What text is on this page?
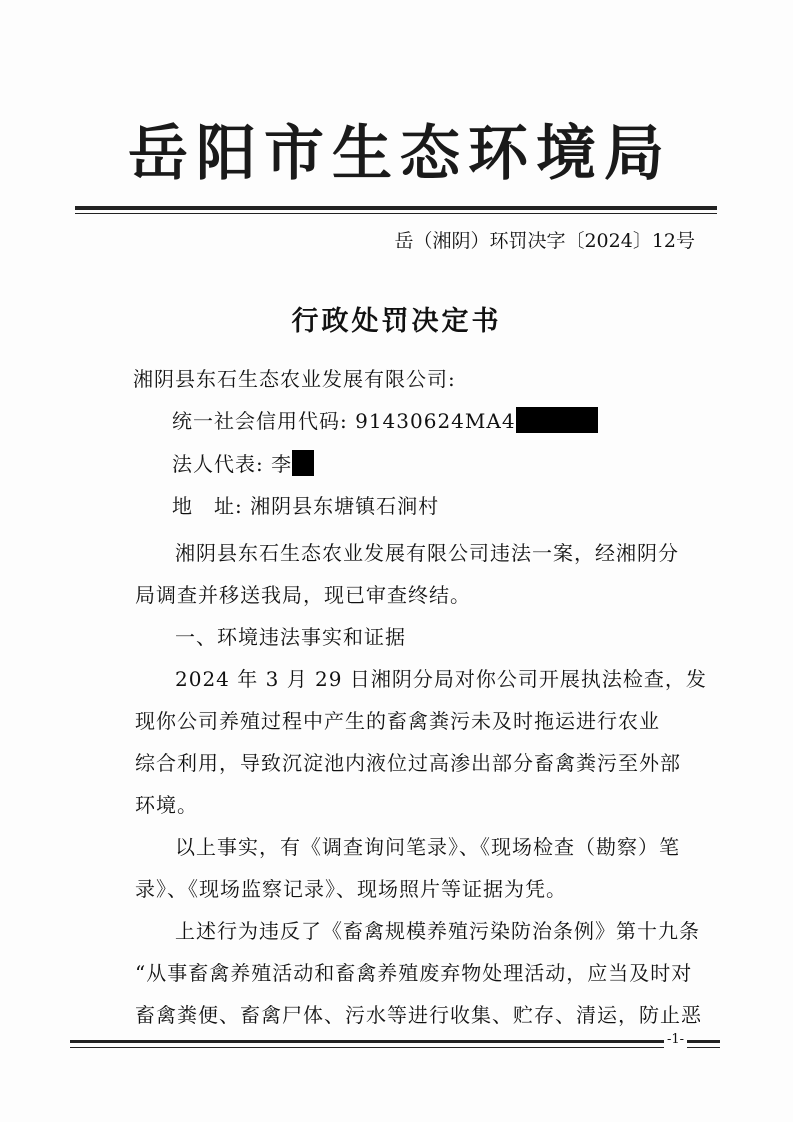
岳阳市生态环境局
岳（湘阴）环罚决字〔2024〕12号
行政处罚决定书
湘阴县东石生态农业发展有限公司:
统一社会信用代码: 91430624MA4
法人代表: 李
地　址: 湘阴县东塘镇石涧村
湘阴县东石生态农业发展有限公司违法一案，经湘阴分
局调查并移送我局，现已审查终结。
一、环境违法事实和证据
2024 年 3 月 29 日湘阴分局对你公司开展执法检查，发
现你公司养殖过程中产生的畜禽粪污未及时拖运进行农业
综合利用，导致沉淀池内液位过高渗出部分畜禽粪污至外部
环境。
以上事实，有《调查询问笔录》、《现场检查（勘察）笔
录》、《现场监察记录》、现场照片等证据为凭。
上述行为违反了《畜禽规模养殖污染防治条例》第十九条
“从事畜禽养殖活动和畜禽养殖废弃物处理活动，应当及时对
畜禽粪便、畜禽尸体、污水等进行收集、贮存、清运，防止恶
-1-
